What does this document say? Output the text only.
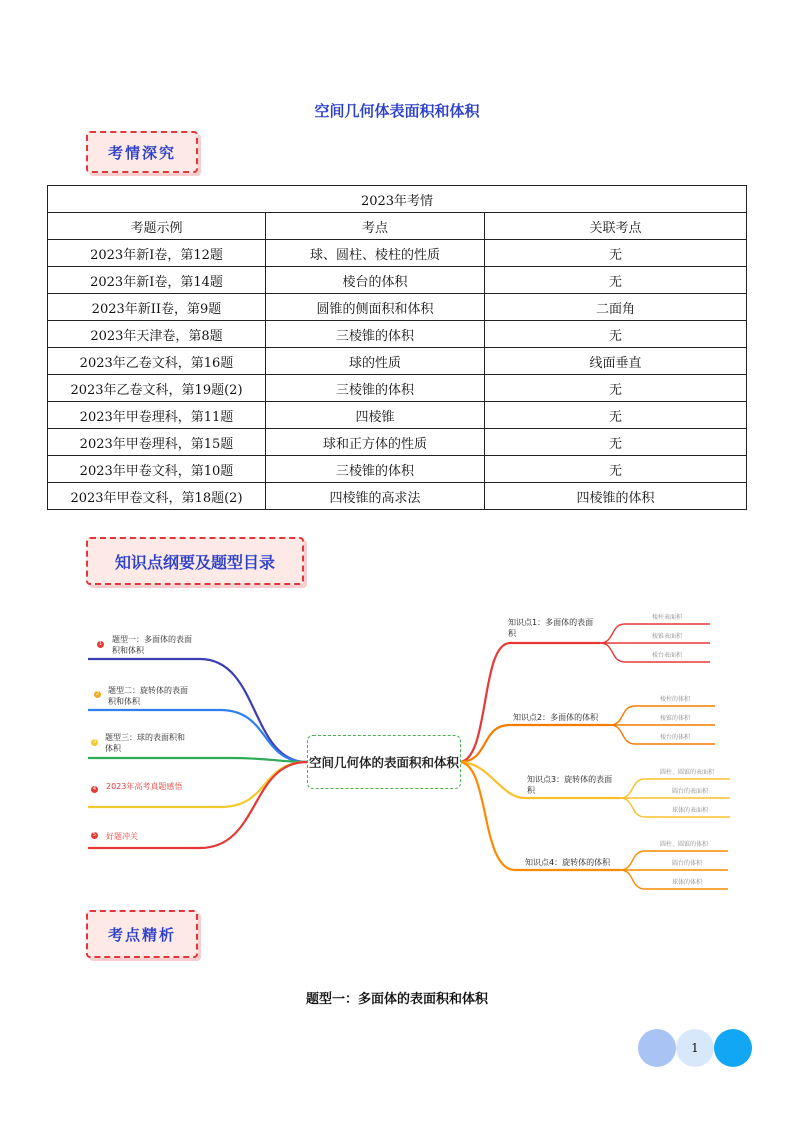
空间几何体表面积和体积
考情深究
2023年考情		
考题示例	考点	关联考点
2023年新Ⅰ卷，第12题	球、圆柱、棱柱的性质	无
2023年新Ⅰ卷，第14题	棱台的体积	无
2023年新II卷，第9题	圆锥的侧面积和体积	二面角
2023年天津卷，第8题	三棱锥的体积	无
2023年乙卷文科，第16题	球的性质	线面垂直
2023年乙卷文科，第19题(2)	三棱锥的体积	无
2023年甲卷理科，第11题	四棱锥	无
2023年甲卷理科，第15题	球和正方体的性质	无
2023年甲卷文科，第10题	三棱锥的体积	无
2023年甲卷文科，第18题(2)	四棱锥的高求法	四棱锥的体积
知识点纲要及题型目录
空间几何体的表面积和体积
1 题型一：多面体的表面积和体积
2 题型二：旋转体的表面积和体积
3 题型三：球的表面积和体积
4 2023年高考真题感悟
5 好题冲关
知识点1：多面体的表面积
知识点2：多面体的体积
知识点3：旋转体的表面积
知识点4：旋转体的体积
棱柱表面积
棱锥表面积
棱台表面积
棱柱的体积
棱锥的体积
棱台的体积
圆柱、圆锥的表面积
圆台的表面积
球体的表面积
圆柱、圆锥的体积
圆台的体积
球体的体积
考点精析
题型一：多面体的表面积和体积
1
